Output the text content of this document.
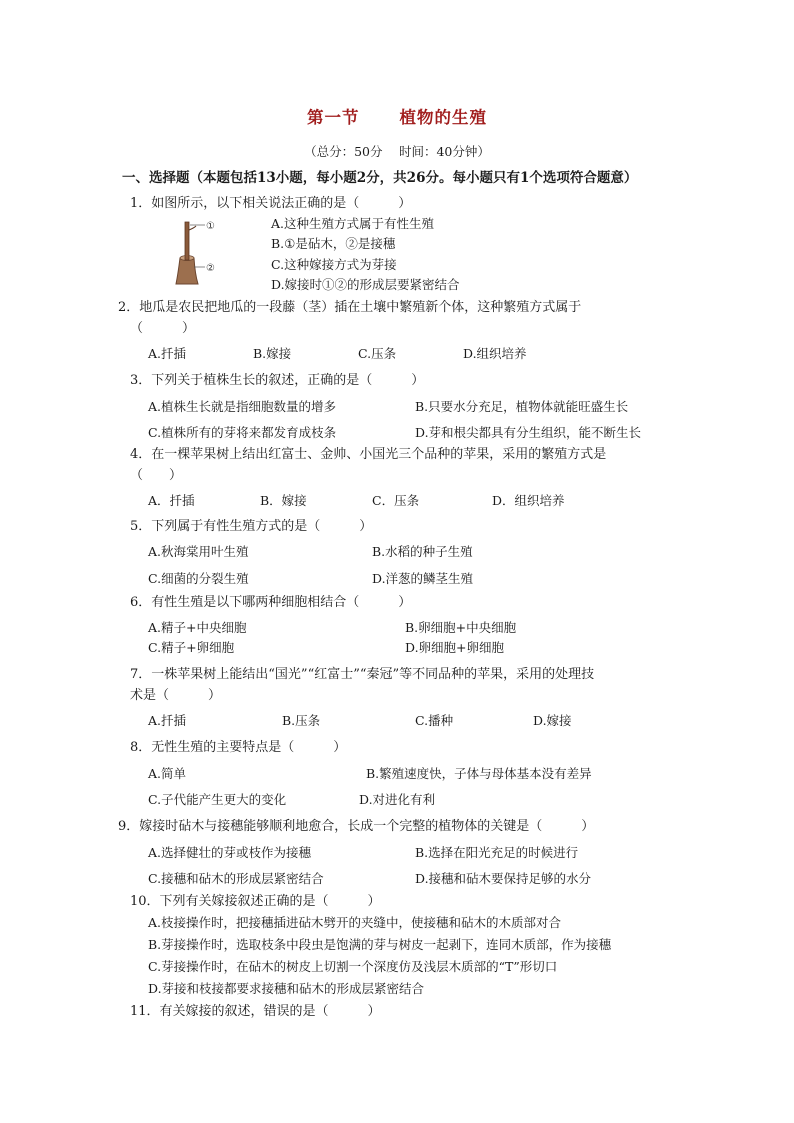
第一节 植物的生殖
（总分：50分　 时间：40分钟）
一、选择题（本题包括13小题，每小题2分，共26分。每小题只有1个选项符合题意）
1．如图所示，以下相关说法正确的是（　　　）
①
②
A.这种生殖方式属于有性生殖
B.①是砧木，②是接穗
C.这种嫁接方式为芽接
D.嫁接时①②的形成层要紧密结合
2．地瓜是农民把地瓜的一段藤（茎）插在土壤中繁殖新个体，这种繁殖方式属于
（　　　）
A.扦插	B.嫁接	C.压条	D.组织培养
3．下列关于植株生长的叙述，正确的是（　　　）
A.植株生长就是指细胞数量的增多	B.只要水分充足，植物体就能旺盛生长
C.植株所有的芽将来都发育成枝条	D.芽和根尖都具有分生组织，能不断生长
4．在一棵苹果树上结出红富士、金帅、小国光三个品种的苹果，采用的繁殖方式是
（　　）
A．扦插	B．嫁接	C．压条	D．组织培养
5．下列属于有性生殖方式的是（　　　）
A.秋海棠用叶生殖	B.水稻的种子生殖
C.细菌的分裂生殖	D.洋葱的鳞茎生殖
6．有性生殖是以下哪两种细胞相结合（　　　）
A.精子+中央细胞	B.卵细胞+中央细胞
C.精子+卵细胞	D.卵细胞+卵细胞
7．一株苹果树上能结出“国光”“红富士”“秦冠”等不同品种的苹果，采用的处理技
术是（　　　）
A.扦插	B.压条	C.播种	D.嫁接
8．无性生殖的主要特点是（　　　）
A.简单	B.繁殖速度快，子体与母体基本没有差异
C.子代能产生更大的变化	D.对进化有利
9．嫁接时砧木与接穗能够顺利地愈合，长成一个完整的植物体的关键是（　　　）
A.选择健壮的芽或枝作为接穗	B.选择在阳光充足的时候进行
C.接穗和砧木的形成层紧密结合	D.接穗和砧木要保持足够的水分
10．下列有关嫁接叙述正确的是（　　　）
A.枝接操作时，把接穗插进砧木劈开的夹缝中，使接穗和砧木的木质部对合
B.芽接操作时，选取枝条中段虫是饱满的芽与树皮一起剥下，连同木质部，作为接穗
C.芽接操作时，在砧木的树皮上切割一个深度仿及浅层木质部的“T”形切口
D.芽接和枝接都要求接穗和砧木的形成层紧密结合
11．有关嫁接的叙述，错误的是（　　　）
